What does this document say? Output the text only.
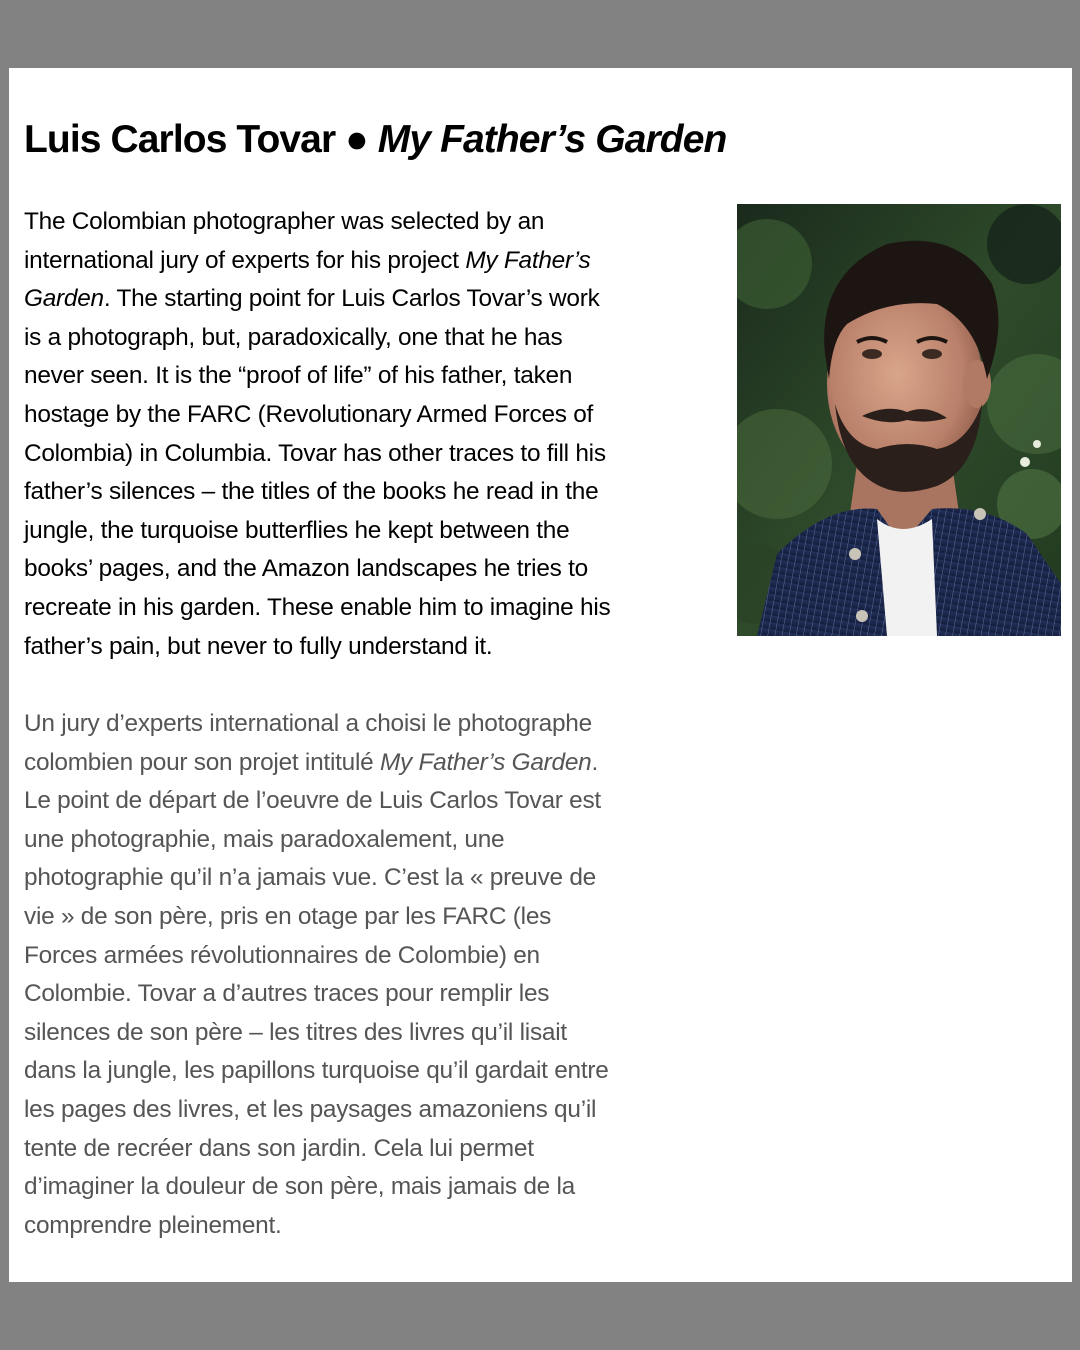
Luis Carlos Tovar ● My Father’s Garden

The Colombian photographer was selected by an
international jury of experts for his project My Father’s
Garden. The starting point for Luis Carlos Tovar’s work
is a photograph, but, paradoxically, one that he has
never seen. It is the “proof of life” of his father, taken
hostage by the FARC (Revolutionary Armed Forces of
Colombia) in Columbia. Tovar has other traces to fill his
father’s silences – the titles of the books he read in the
jungle, the turquoise butterflies he kept between the
books’ pages, and the Amazon landscapes he tries to
recreate in his garden. These enable him to imagine his
father’s pain, but never to fully understand it.

Un jury d’experts international a choisi le photographe
colombien pour son projet intitulé My Father’s Garden.
Le point de départ de l’oeuvre de Luis Carlos Tovar est
une photographie, mais paradoxalement, une
photographie qu’il n’a jamais vue. C’est la « preuve de
vie » de son père, pris en otage par les FARC (les
Forces armées révolutionnaires de Colombie) en
Colombie. Tovar a d’autres traces pour remplir les
silences de son père – les titres des livres qu’il lisait
dans la jungle, les papillons turquoise qu’il gardait entre
les pages des livres, et les paysages amazoniens qu’il
tente de recréer dans son jardin. Cela lui permet
d’imaginer la douleur de son père, mais jamais de la
comprendre pleinement.
